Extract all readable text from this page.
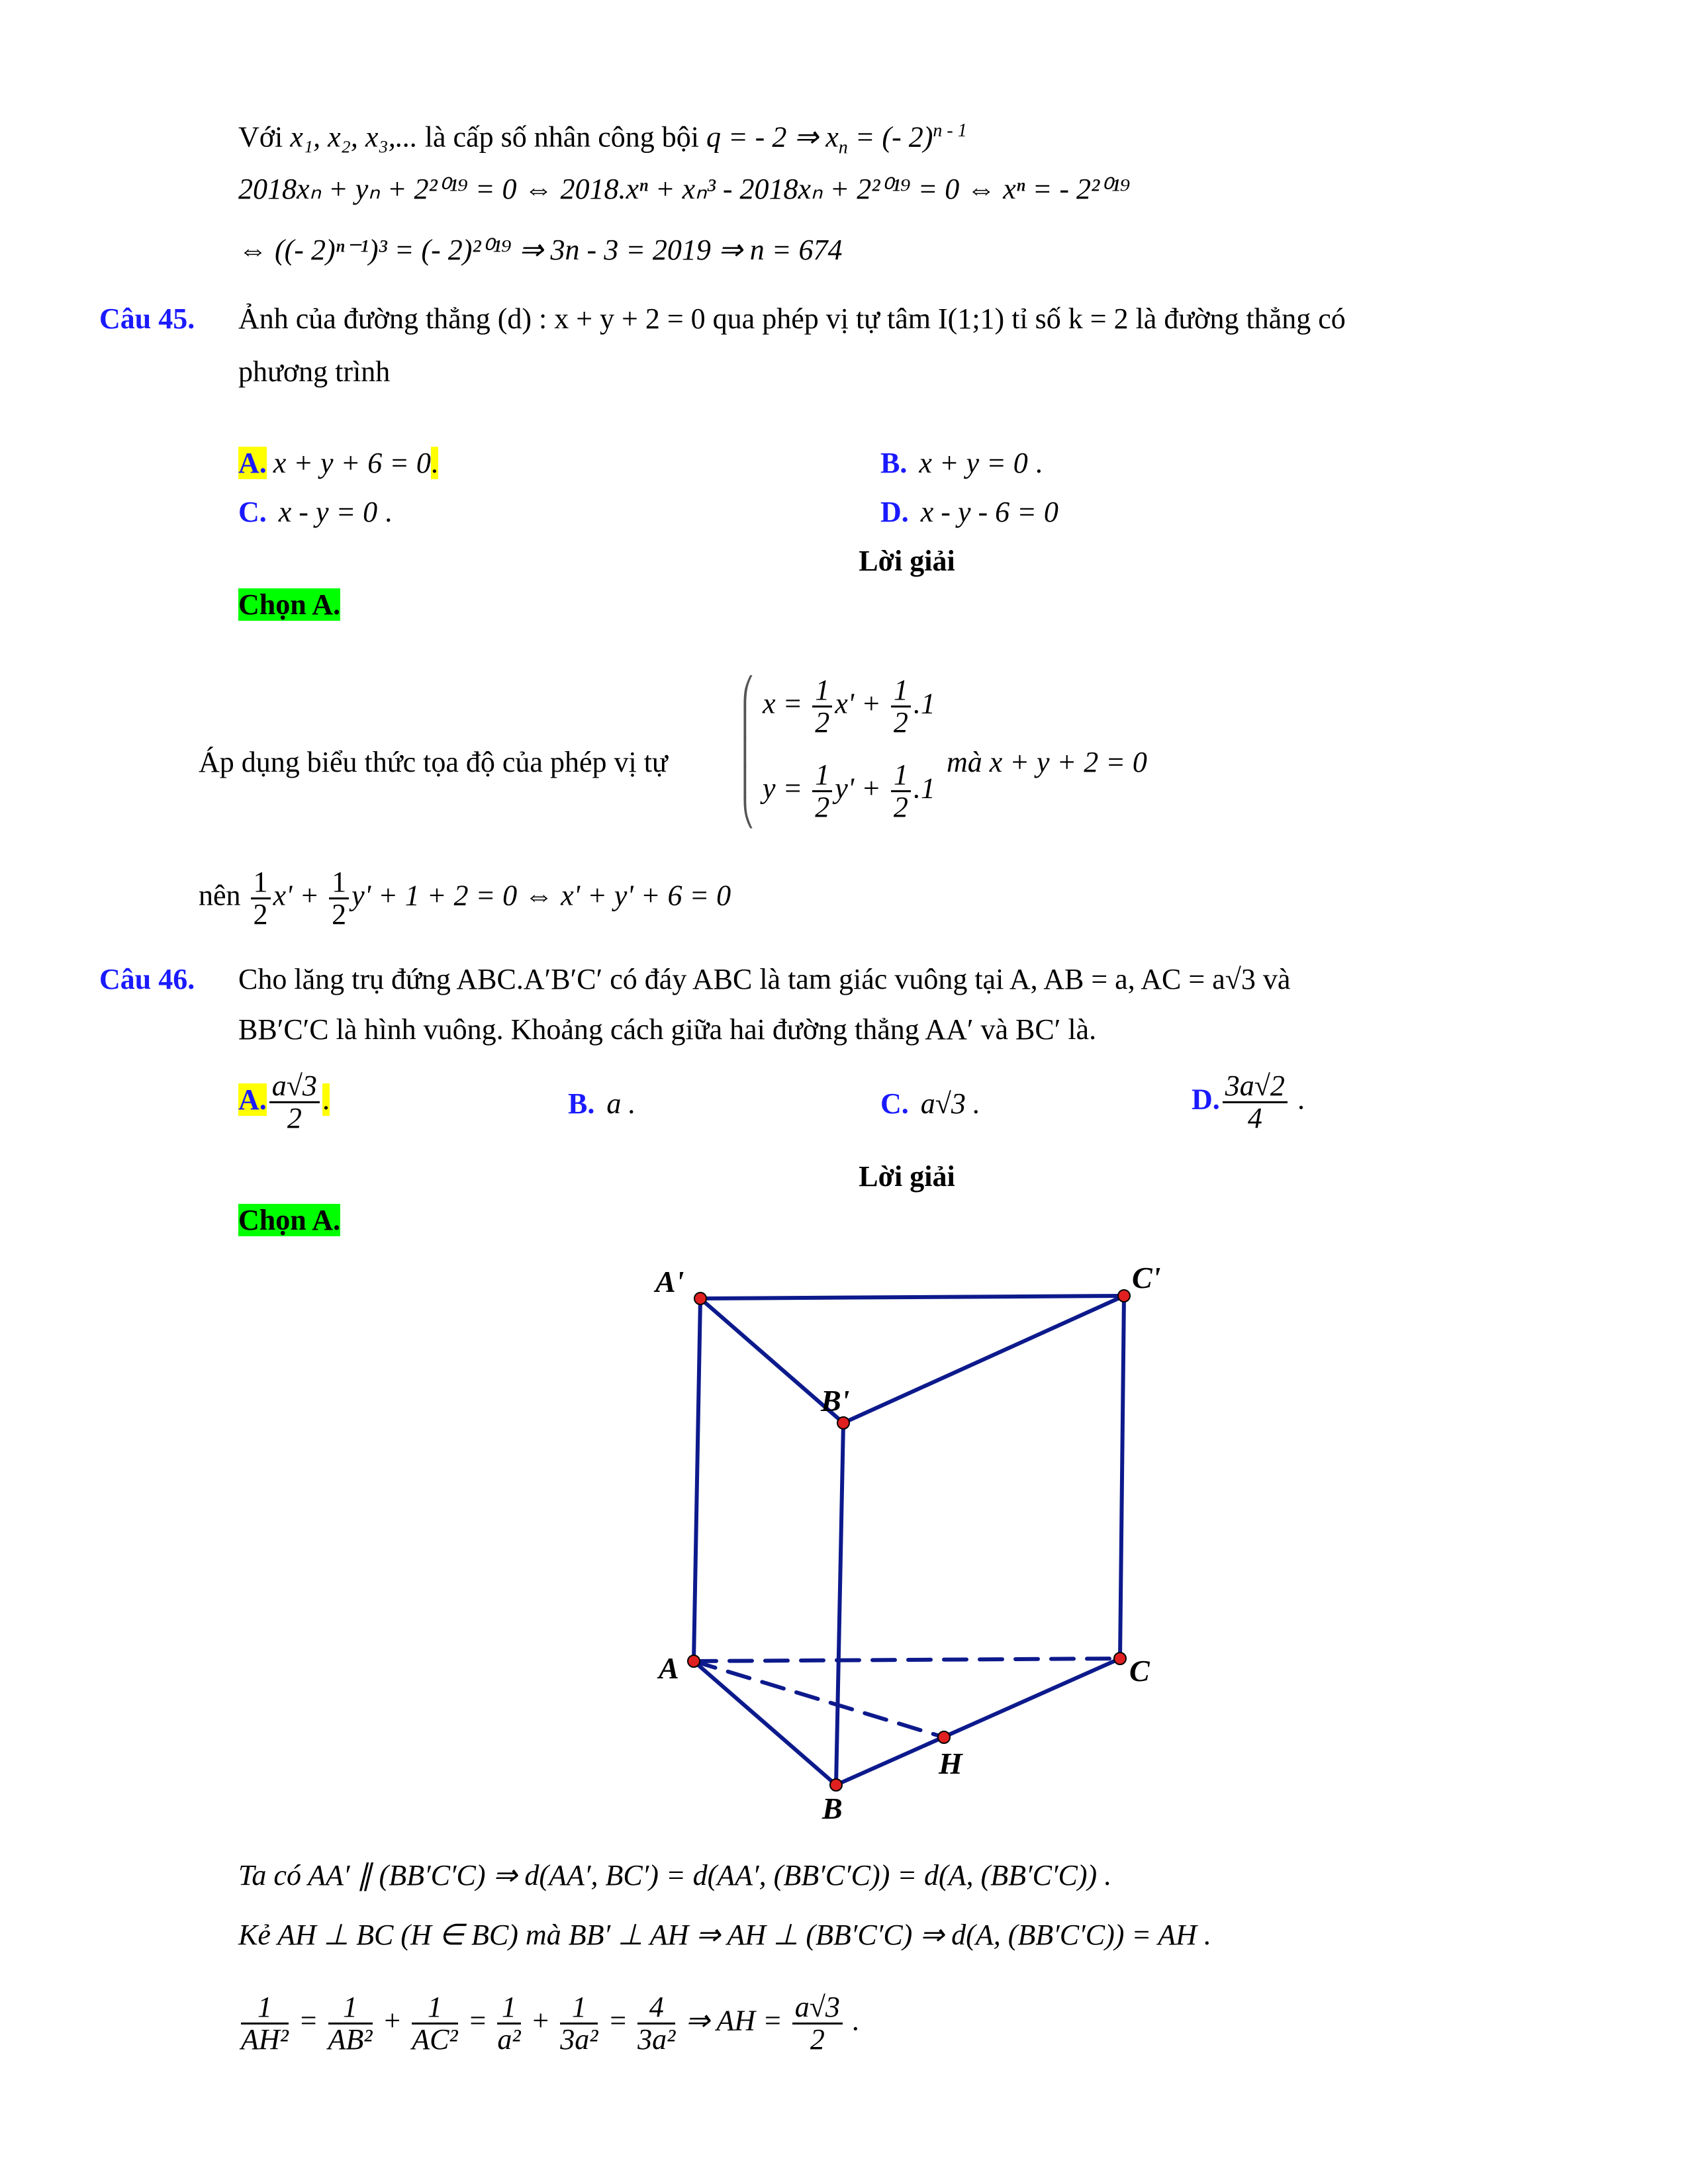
Với x₁, x₂, x₃,... là cấp số nhân công bội q = - 2 ⇒ $x_n$ = (- 2)$^{n - 1}$
2018xₙ + yₙ + 2²⁰¹⁹ = 0 ⇔ 2018.xⁿ + xₙ³ - 2018xₙ + 2²⁰¹⁹ = 0 ⇔ xⁿ = - 2²⁰¹⁹
⇔ ((- 2)ⁿ⁻¹)³ = (- 2)²⁰¹⁹ ⇒ 3n - 3 = 2019 ⇒ n = 674
Câu 45. Ảnh của đường thẳng (d) : x + y + 2 = 0 qua phép vị tự tâm I(1;1) tỉ số k = 2 là đường thẳng có
phương trình
A. x + y + 6 = 0.	B. x + y = 0 .
C. x - y = 0 .	D. x - y - 6 = 0
Lời giải
Chọn A.
Áp dụng biểu thức tọa độ của phép vị tự
⎛
⎜
⎜
⎜
⎝
$x = \frac{1}{2} x' + \frac{1}{2} .1$
$y = \frac{1}{2} y' + \frac{1}{2} .1$
mà x + y + 2 = 0
nên $\frac{1}{2} x' + \frac{1}{2} y' + 1 + 2 = 0$ ⇔ x' + y' + 6 = 0
Câu 46. Cho lăng trụ đứng ABC.A′B′C′ có đáy ABC là tam giác vuông tại A, AB = a, AC = a√3 và
BB′C′C là hình vuông. Khoảng cách giữa hai đường thẳng AA′ và BC′ là.
A. $\frac{a√3}{2}$ .	B. a .	C. a√3 .	D. $\frac{3a√2}{4}$ .
Lời giải
Chọn A.
A'	C'
B'
A	C
H
B
Ta có AA′ ∥ (BB′C′C) ⇒ d(AA′, BC′) = d(AA′, (BB′C′C)) = d(A, (BB′C′C)) .
Kẻ AH ⊥ BC (H ∈ BC) mà BB′ ⊥ AH ⇒ AH ⊥ (BB′C′C) ⇒ d(A, (BB′C′C)) = AH .
$\frac{1}{\text{AH²}} = \frac{1}{\text{AB²}} + \frac{1}{\text{AC²}} = \frac{1}{\text{a²}} + \frac{1}{\text{3a²}} = \frac{4}{\text{3a²}}$ ⇒ AH = $\frac{a√3}{2}$ .
